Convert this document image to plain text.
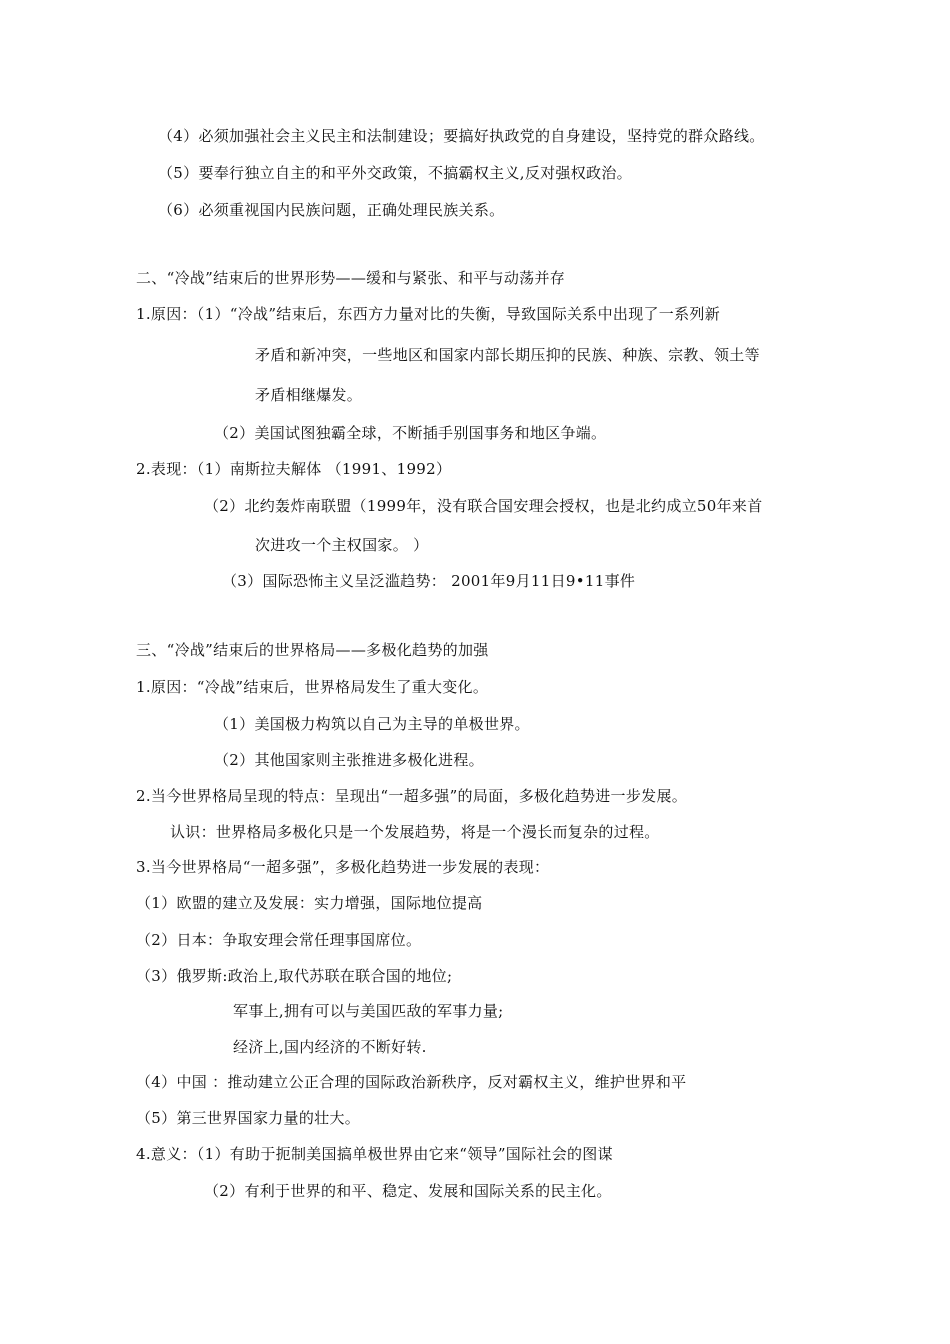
（4）必须加强社会主义民主和法制建设；要搞好执政党的自身建设，坚持党的群众路线。
（5）要奉行独立自主的和平外交政策，不搞霸权主义,反对强权政治。
（6）必须重视国内民族问题，正确处理民族关系。
二、“冷战”结束后的世界形势——缓和与紧张、和平与动荡并存
1.原因：（1）“冷战”结束后，东西方力量对比的失衡，导致国际关系中出现了一系列新
矛盾和新冲突，一些地区和国家内部长期压抑的民族、种族、宗教、领土等
矛盾相继爆发。
（2）美国试图独霸全球，不断插手别国事务和地区争端。
2.表现：（1）南斯拉夫解体 （1991、1992）
（2）北约轰炸南联盟（1999年，没有联合国安理会授权，也是北约成立50年来首
次进攻一个主权国家。 ）
（3）国际恐怖主义呈泛滥趋势： 2001年9月11日9•11事件
三、“冷战”结束后的世界格局——多极化趋势的加强
1.原因：“冷战”结束后，世界格局发生了重大变化。
（1）美国极力构筑以自己为主导的单极世界。
（2）其他国家则主张推进多极化进程。
2.当今世界格局呈现的特点：呈现出“一超多强”的局面，多极化趋势进一步发展。
认识：世界格局多极化只是一个发展趋势，将是一个漫长而复杂的过程。
3.当今世界格局“一超多强”，多极化趋势进一步发展的表现：
（1）欧盟的建立及发展：实力增强，国际地位提高
（2）日本：争取安理会常任理事国席位。
（3）俄罗斯:政治上,取代苏联在联合国的地位;
军事上,拥有可以与美国匹敌的军事力量;
经济上,国内经济的不断好转.
（4）中国 ：推动建立公正合理的国际政治新秩序，反对霸权主义，维护世界和平
（5）第三世界国家力量的壮大。
4.意义：（1）有助于扼制美国搞单极世界由它来“领导”国际社会的图谋
（2）有利于世界的和平、稳定、发展和国际关系的民主化。
